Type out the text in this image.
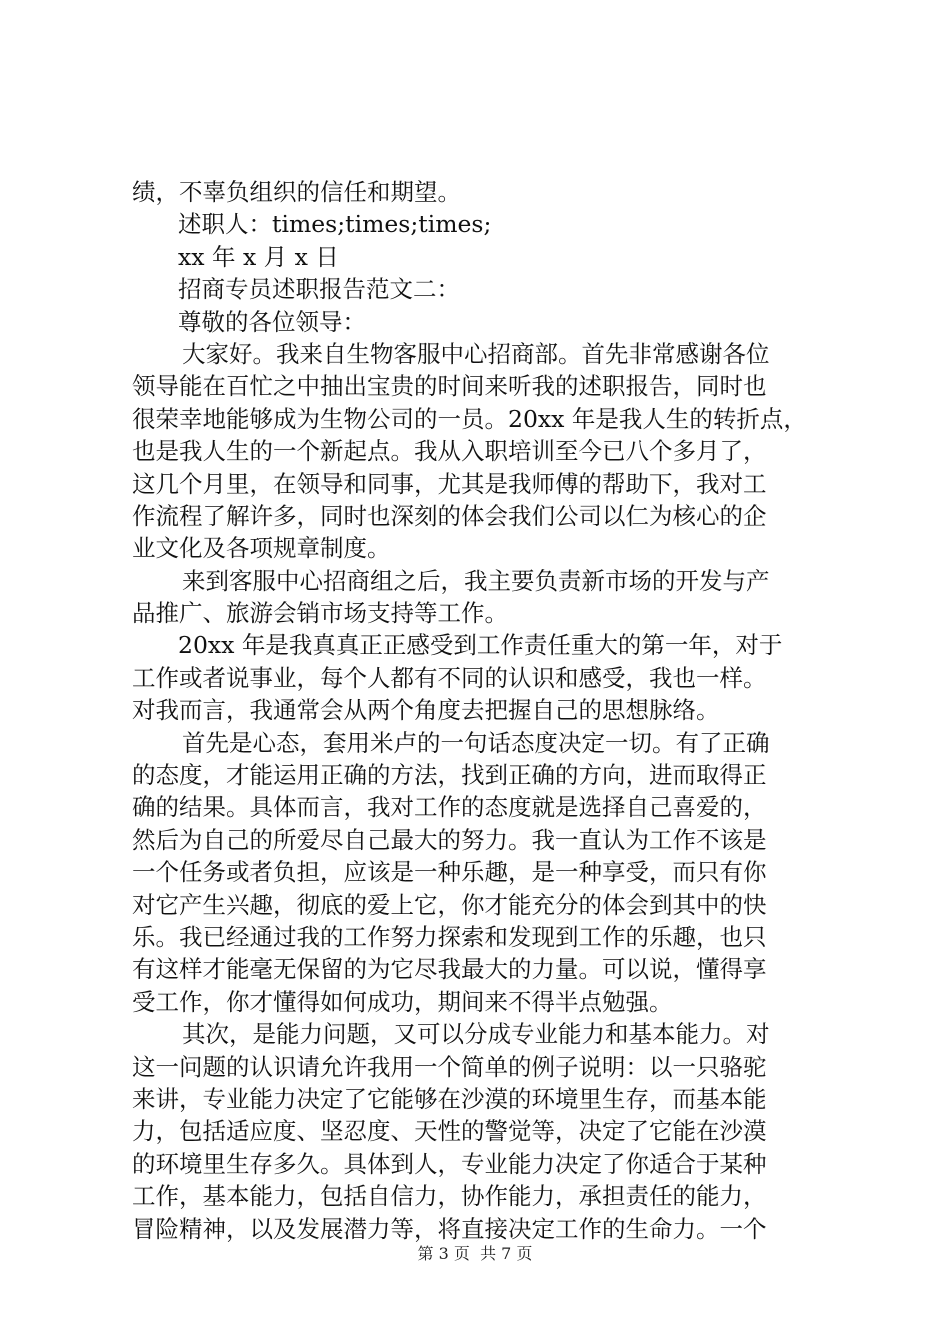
绩，不辜负组织的信任和期望。
述职人：times;times;times;
xx 年 x 月 x 日
招商专员述职报告范文二：
尊敬的各位领导：
大家好。我来自生物客服中心招商部。首先非常感谢各位
领导能在百忙之中抽出宝贵的时间来听我的述职报告，同时也
很荣幸地能够成为生物公司的一员。20xx 年是我人生的转折点，
也是我人生的一个新起点。我从入职培训至今已八个多月了，
这几个月里，在领导和同事，尤其是我师傅的帮助下，我对工
作流程了解许多，同时也深刻的体会我们公司以仁为核心的企
业文化及各项规章制度。
来到客服中心招商组之后，我主要负责新市场的开发与产
品推广、旅游会销市场支持等工作。
20xx 年是我真真正正感受到工作责任重大的第一年，对于
工作或者说事业，每个人都有不同的认识和感受，我也一样。
对我而言，我通常会从两个角度去把握自己的思想脉络。
首先是心态，套用米卢的一句话态度决定一切。有了正确
的态度，才能运用正确的方法，找到正确的方向，进而取得正
确的结果。具体而言，我对工作的态度就是选择自己喜爱的，
然后为自己的所爱尽自己最大的努力。我一直认为工作不该是
一个任务或者负担，应该是一种乐趣，是一种享受，而只有你
对它产生兴趣，彻底的爱上它，你才能充分的体会到其中的快
乐。我已经通过我的工作努力探索和发现到工作的乐趣，也只
有这样才能毫无保留的为它尽我最大的力量。可以说，懂得享
受工作，你才懂得如何成功，期间来不得半点勉强。
其次，是能力问题，又可以分成专业能力和基本能力。对
这一问题的认识请允许我用一个简单的例子说明：以一只骆驼
来讲，专业能力决定了它能够在沙漠的环境里生存，而基本能
力，包括适应度、坚忍度、天性的警觉等，决定了它能在沙漠
的环境里生存多久。具体到人，专业能力决定了你适合于某种
工作，基本能力，包括自信力，协作能力，承担责任的能力，
冒险精神，以及发展潜力等，将直接决定工作的生命力。一个
第 3 页  共 7 页
